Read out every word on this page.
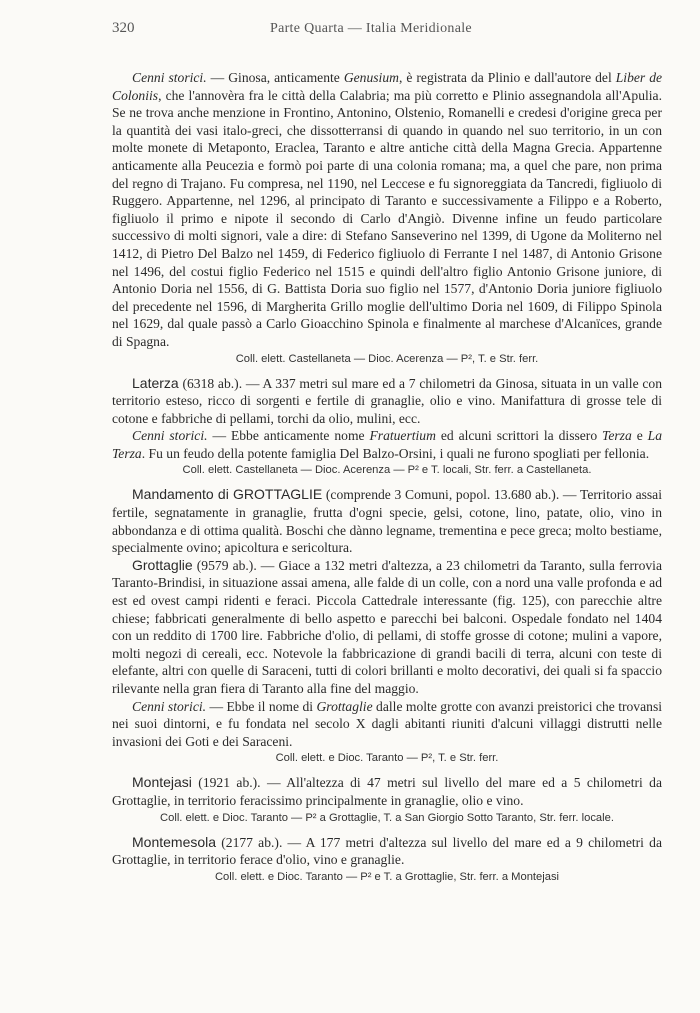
320	Parte Quarta — Italia Meridionale

Cenni storici. — Ginosa, anticamente Genusium, è registrata da Plinio e dall'autore del Liber de Coloniis, che l'annovèra fra le città della Calabria; ma più corretto e Plinio assegnandola all'Apulia. Se ne trova anche menzione in Frontino, Antonino, Olstenio, Romanelli e credesi d'origine greca per la quantità dei vasi italo-greci, che dissotterransi di quando in quando nel suo territorio, in un con molte monete di Metaponto, Eraclea, Taranto e altre antiche città della Magna Grecia. Appartenne anticamente alla Peucezia e formò poi parte di una colonia romana; ma, a quel che pare, non prima del regno di Trajano. Fu compresa, nel 1190, nel Leccese e fu signoreggiata da Tancredi, figliuolo di Ruggero. Appartenne, nel 1296, al principato di Taranto e successivamente a Filippo e a Roberto, figliuolo il primo e nipote il secondo di Carlo d'Angiò. Divenne infine un feudo particolare successivo di molti signori, vale a dire: di Stefano Sanseverino nel 1399, di Ugone da Moliterno nel 1412, di Pietro Del Balzo nel 1459, di Federico figliuolo di Ferrante I nel 1487, di Antonio Grisone nel 1496, del costui figlio Federico nel 1515 e quindi dell'altro figlio Antonio Grisone juniore, di Antonio Doria nel 1556, di G. Battista Doria suo figlio nel 1577, d'Antonio Doria juniore figliuolo del precedente nel 1596, di Margherita Grillo moglie dell'ultimo Doria nel 1609, di Filippo Spinola nel 1629, dal quale passò a Carlo Gioacchino Spinola e finalmente al marchese d'Alcanïces, grande di Spagna.

Coll. elett. Castellaneta — Dioc. Acerenza — P², T. e Str. ferr.

Laterza (6318 ab.). — A 337 metri sul mare ed a 7 chilometri da Ginosa, situata in un valle con territorio esteso, ricco di sorgenti e fertile di granaglie, olio e vino. Manifattura di grosse tele di cotone e fabbriche di pellami, torchi da olio, mulini, ecc.

Cenni storici. — Ebbe anticamente nome Fratuertium ed alcuni scrittori la dissero Terza e La Terza. Fu un feudo della potente famiglia Del Balzo-Orsini, i quali ne furono spogliati per fellonia.

Coll. elett. Castellaneta — Dioc. Acerenza — P² e T. locali, Str. ferr. a Castellaneta.

Mandamento di GROTTAGLIE (comprende 3 Comuni, popol. 13.680 ab.). — Territorio assai fertile, segnatamente in granaglie, frutta d'ogni specie, gelsi, cotone, lino, patate, olio, vino in abbondanza e di ottima qualità. Boschi che dànno legname, trementina e pece greca; molto bestiame, specialmente ovino; apicoltura e sericoltura.

Grottaglie (9579 ab.). — Giace a 132 metri d'altezza, a 23 chilometri da Taranto, sulla ferrovia Taranto-Brindisi, in situazione assai amena, alle falde di un colle, con a nord una valle profonda e ad est ed ovest campi ridenti e feraci. Piccola Cattedrale interessante (fig. 125), con parecchie altre chiese; fabbricati generalmente di bello aspetto e parecchi bei balconi. Ospedale fondato nel 1404 con un reddito di 1700 lire. Fabbriche d'olio, di pellami, di stoffe grosse di cotone; mulini a vapore, molti negozi di cereali, ecc. Notevole la fabbricazione di grandi bacili di terra, alcuni con teste di elefante, altri con quelle di Saraceni, tutti di colori brillanti e molto decorativi, dei quali si fa spaccio rilevante nella gran fiera di Taranto alla fine del maggio.

Cenni storici. — Ebbe il nome di Grottaglie dalle molte grotte con avanzi preistorici che trovansi nei suoi dintorni, e fu fondata nel secolo X dagli abitanti riuniti d'alcuni villaggi distrutti nelle invasioni dei Goti e dei Saraceni.

Coll. elett. e Dioc. Taranto — P², T. e Str. ferr.

Montejasi (1921 ab.). — All'altezza di 47 metri sul livello del mare ed a 5 chilometri da Grottaglie, in territorio feracissimo principalmente in granaglie, olio e vino.

Coll. elett. e Dioc. Taranto — P² a Grottaglie, T. a San Giorgio Sotto Taranto, Str. ferr. locale.

Montemesola (2177 ab.). — A 177 metri d'altezza sul livello del mare ed a 9 chilometri da Grottaglie, in territorio ferace d'olio, vino e granaglie.

Coll. elett. e Dioc. Taranto — P² e T. a Grottaglie, Str. ferr. a Montejasi
